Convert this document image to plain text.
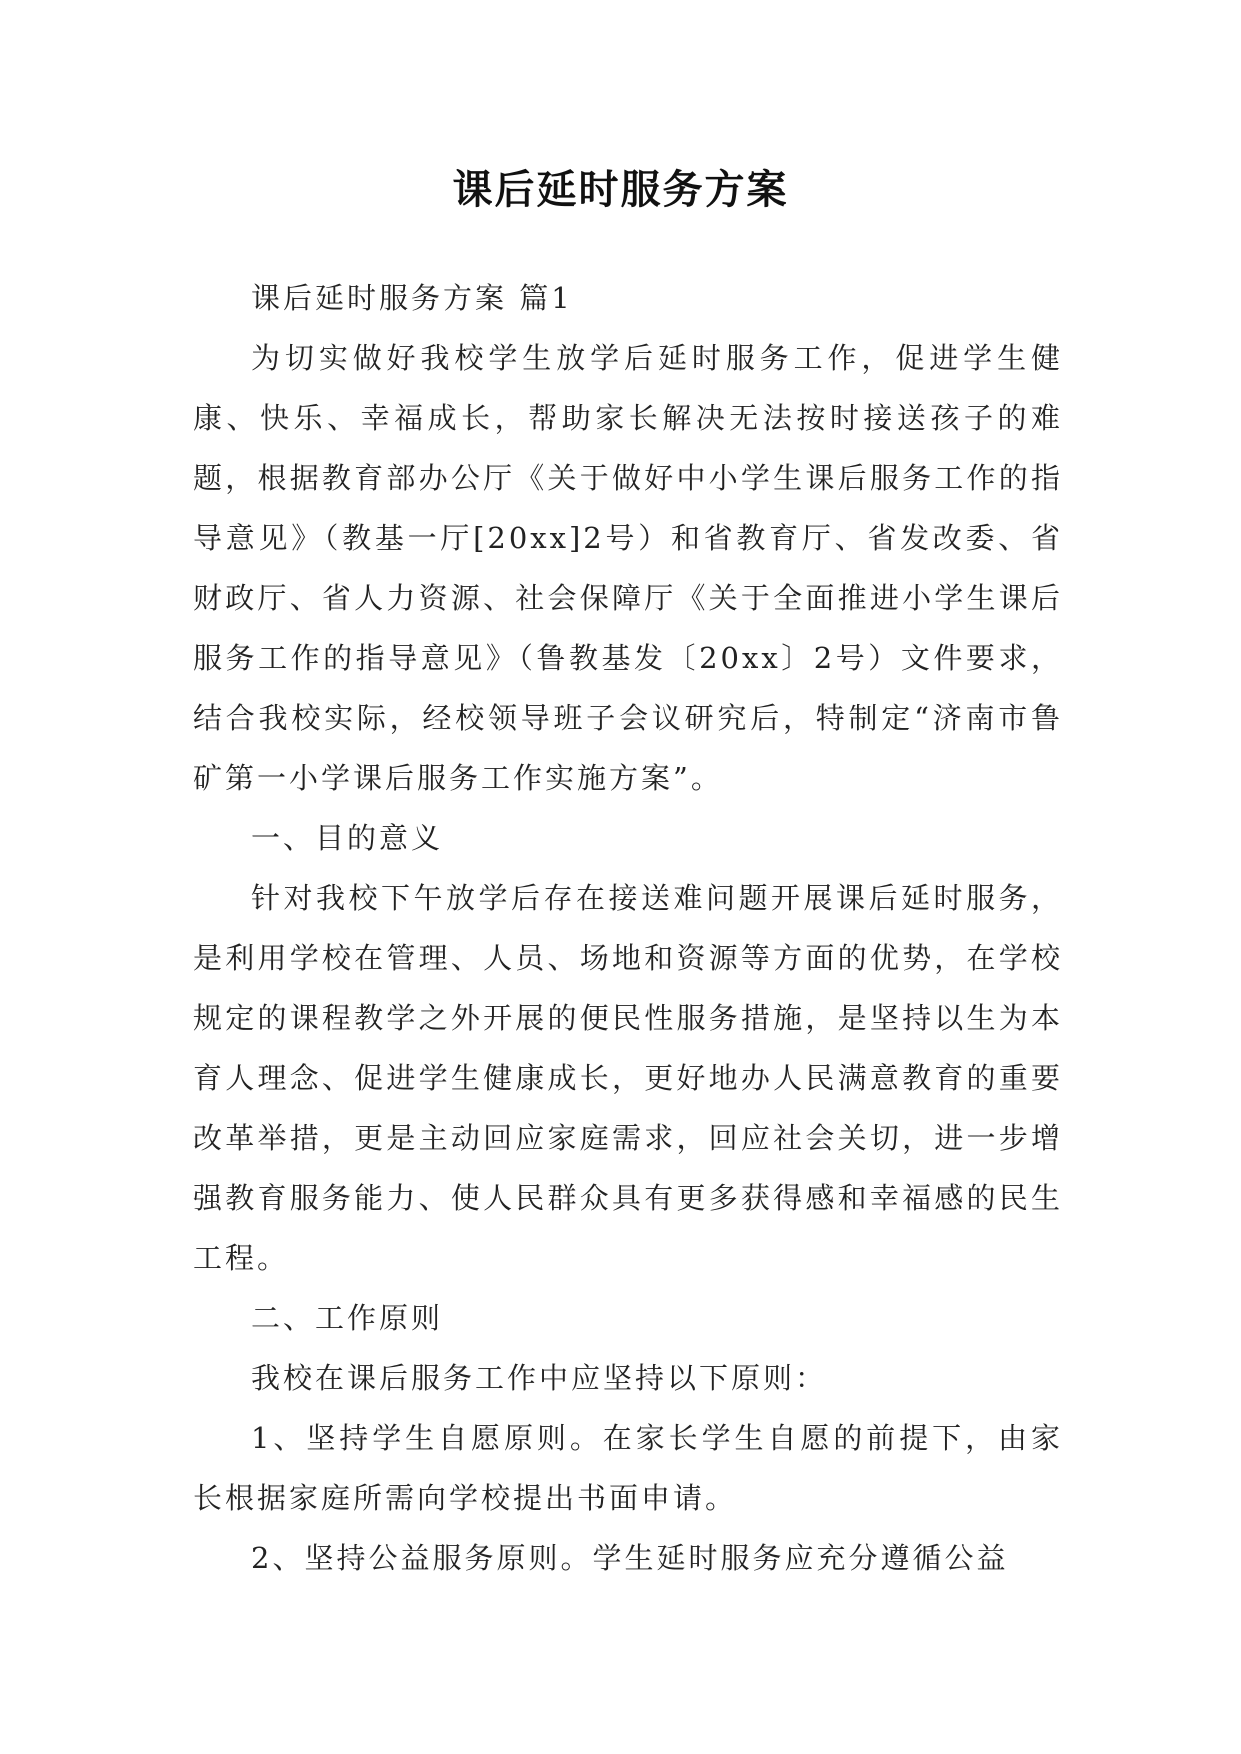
课后延时服务方案

课后延时服务方案 篇1

为切实做好我校学生放学后延时服务工作，促进学生健康、快乐、幸福成长，帮助家长解决无法按时接送孩子的难题，根据教育部办公厅《关于做好中小学生课后服务工作的指导意见》（教基一厅[20xx]2号）和省教育厅、省发改委、省财政厅、省人力资源、社会保障厅《关于全面推进小学生课后服务工作的指导意见》（鲁教基发〔20xx〕2号）文件要求，结合我校实际，经校领导班子会议研究后，特制定“济南市鲁矿第一小学课后服务工作实施方案”。

一、目的意义

针对我校下午放学后存在接送难问题开展课后延时服务，是利用学校在管理、人员、场地和资源等方面的优势，在学校规定的课程教学之外开展的便民性服务措施，是坚持以生为本育人理念、促进学生健康成长，更好地办人民满意教育的重要改革举措，更是主动回应家庭需求，回应社会关切，进一步增强教育服务能力、使人民群众具有更多获得感和幸福感的民生工程。

二、工作原则

我校在课后服务工作中应坚持以下原则：

1、坚持学生自愿原则。在家长学生自愿的前提下，由家长根据家庭所需向学校提出书面申请。

2、坚持公益服务原则。学生延时服务应充分遵循公益
